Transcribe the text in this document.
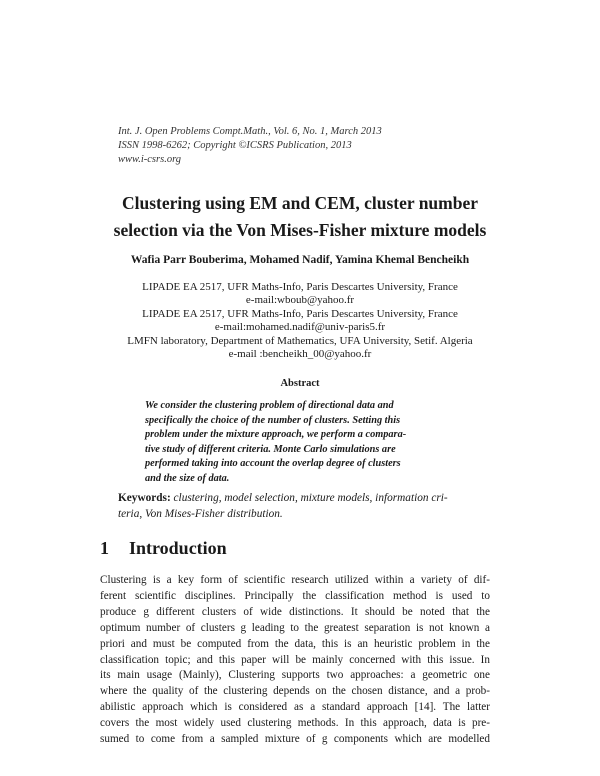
Int. J. Open Problems Compt.Math., Vol. 6, No. 1, March 2013
ISSN 1998-6262; Copyright ©ICSRS Publication, 2013
www.i-csrs.org
Clustering using EM and CEM, cluster number
selection via the Von Mises-Fisher mixture models
Wafia Parr Bouberima, Mohamed Nadif, Yamina Khemal Bencheikh
LIPADE EA 2517, UFR Maths-Info, Paris Descartes University, France
e-mail:wboub@yahoo.fr
LIPADE EA 2517, UFR Maths-Info, Paris Descartes University, France
e-mail:mohamed.nadif@univ-paris5.fr
LMFN laboratory, Department of Mathematics, UFA University, Setif. Algeria
e-mail :bencheikh_00@yahoo.fr
Abstract
We consider the clustering problem of directional data and
specifically the choice of the number of clusters. Setting this
problem under the mixture approach, we perform a compara-
tive study of different criteria. Monte Carlo simulations are
performed taking into account the overlap degree of clusters
and the size of data.
Keywords: clustering, model selection, mixture models, information cri-
teria, Von Mises-Fisher distribution.
1 Introduction
Clustering is a key form of scientific research utilized within a variety of dif-
ferent scientific disciplines. Principally the classification method is used to
produce g different clusters of wide distinctions. It should be noted that the
optimum number of clusters g leading to the greatest separation is not known a
priori and must be computed from the data, this is an heuristic problem in the
classification topic; and this paper will be mainly concerned with this issue. In
its main usage (Mainly), Clustering supports two approaches: a geometric one
where the quality of the clustering depends on the chosen distance, and a prob-
abilistic approach which is considered as a standard approach [14]. The latter
covers the most widely used clustering methods. In this approach, data is pre-
sumed to come from a sampled mixture of g components which are modelled
